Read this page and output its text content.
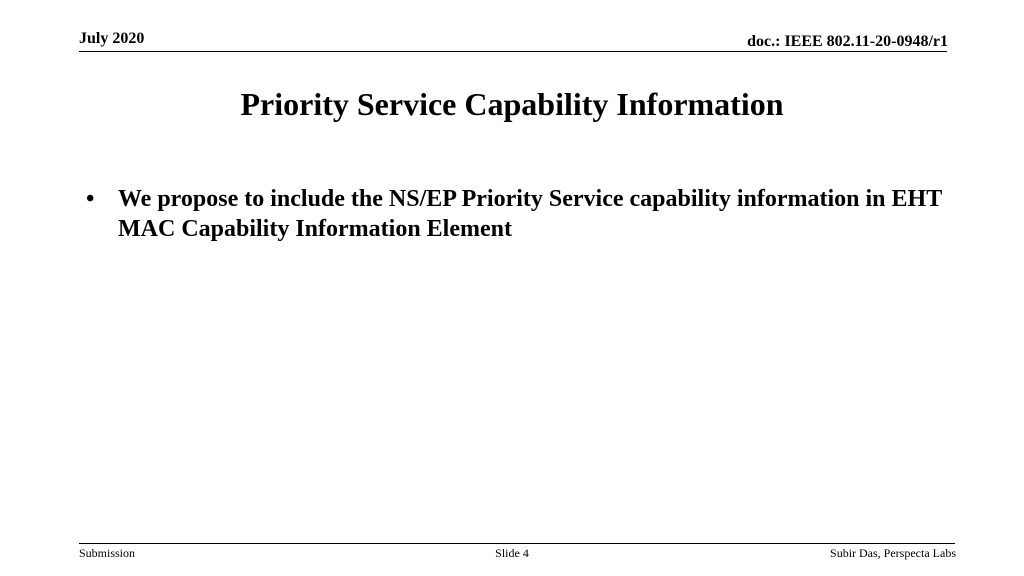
July 2020	doc.: IEEE 802.11-20-0948/r1
Priority Service Capability Information
• We propose to include the NS/EP Priority Service capability information in EHT MAC Capability Information Element
Submission	Slide 4	Subir Das, Perspecta Labs
